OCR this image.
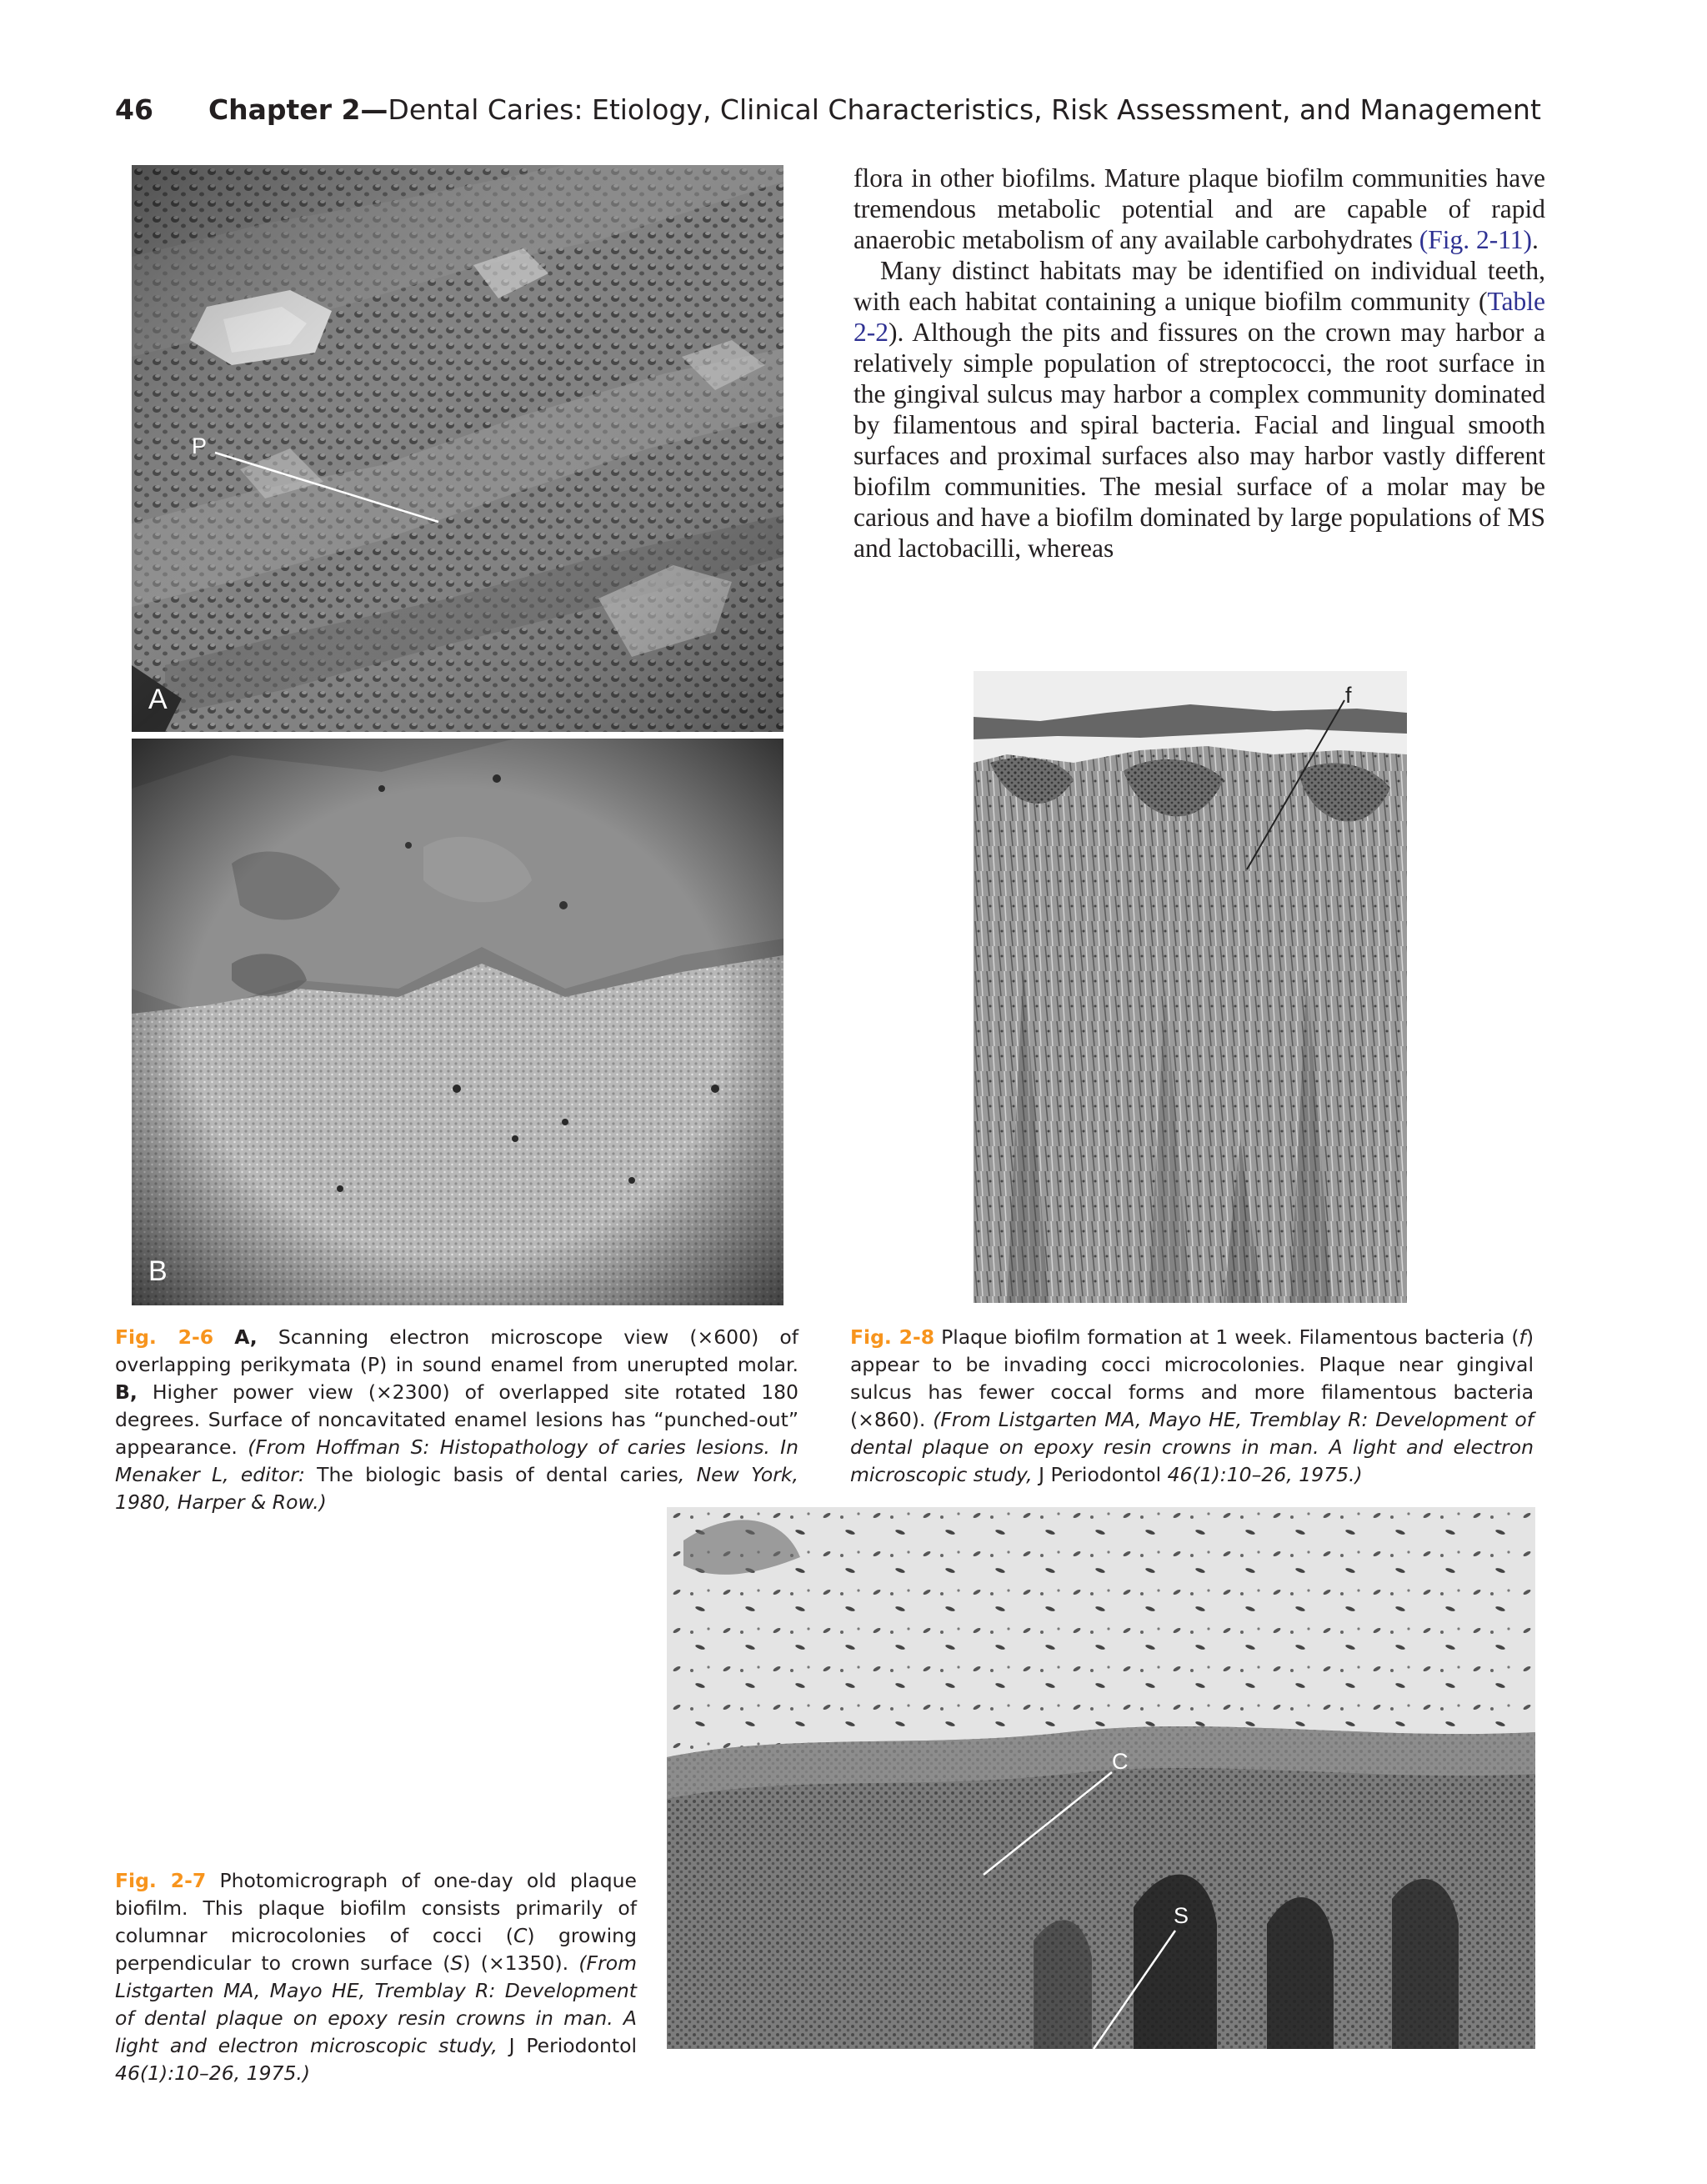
46 Chapter 2—Dental Caries: Etiology, Clinical Characteristics, Risk Assessment, and Management
P
A
B
Fig. 2-6 A, Scanning electron microscope view (×600) of overlapping perikymata (P) in sound enamel from unerupted molar. B, Higher power view (×2300) of overlapped site rotated 180 degrees. Surface of noncavitated enamel lesions has “punched-out” appearance. (From Hoffman S: Histopathology of caries lesions. In Menaker L, editor: The biologic basis of dental caries, New York, 1980, Harper & Row.)

flora in other biofilms. Mature plaque biofilm communities have tremendous metabolic potential and are capable of rapid anaerobic metabolism of any available carbohydrates (Fig. 2-11).

Many distinct habitats may be identified on individual teeth, with each habitat containing a unique biofilm community (Table 2-2). Although the pits and fissures on the crown may harbor a relatively simple population of streptococci, the root surface in the gingival sulcus may harbor a complex community dominated by filamentous and spiral bacteria. Facial and lingual smooth surfaces and proximal surfaces also may harbor vastly different biofilm communities. The mesial surface of a molar may be carious and have a biofilm dominated by large populations of MS and lactobacilli, whereas

f
Fig. 2-8 Plaque biofilm formation at 1 week. Filamentous bacteria (f) appear to be invading cocci microcolonies. Plaque near gingival sulcus has fewer coccal forms and more filamentous bacteria (×860). (From Listgarten MA, Mayo HE, Tremblay R: Development of dental plaque on epoxy resin crowns in man. A light and electron microscopic study, J Periodontol 46(1):10–26, 1975.)
C
S
Fig. 2-7 Photomicrograph of one-day old plaque biofilm. This plaque biofilm consists primarily of columnar microcolonies of cocci (C) growing perpendicular to crown surface (S) (×1350). (From Listgarten MA, Mayo HE, Tremblay R: Development of dental plaque on epoxy resin crowns in man. A light and electron microscopic study, J Periodontol 46(1):10–26, 1975.)
